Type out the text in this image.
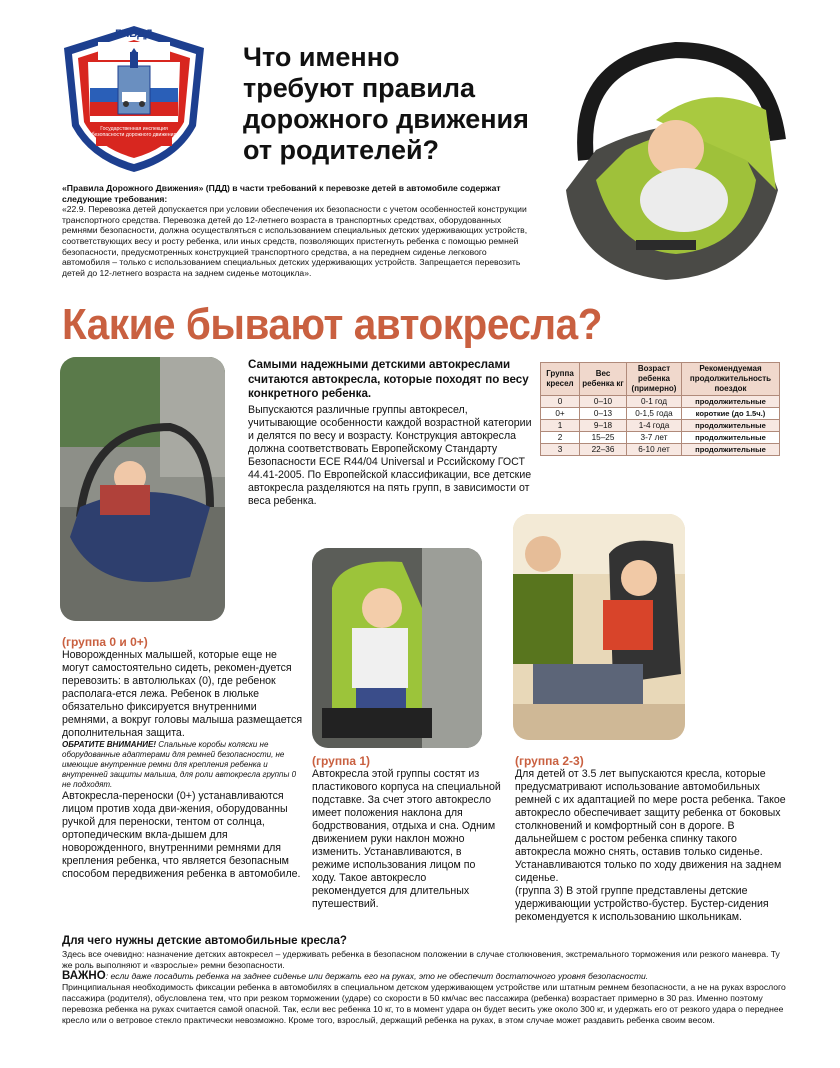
ГИБДД
Государственная инспекция безопасности дорожного движения
Что именно
требуют правила
дорожного движения
от родителей?

«Правила Дорожного Движения» (ПДД) в части требований к перевозке детей в автомобиле содержат следующие требования:

«22.9. Перевозка детей допускается при условии обеспечения их безопасности с учетом особенностей конструкции транспортного средства. Перевозка детей до 12-летнего возраста в транспортных средствах, оборудованных ремнями безопасности, должна осуществляться с использованием специальных детских удерживающих устройств, соответствующих весу и росту ребенка, или иных средств, позволяющих пристегнуть ребенка с помощью ремней безопасности, предусмотренных конструкцией транспортного средства, а на переднем сиденье легкового автомобиля – только с использованием специальных детских удерживающих устройств. Запрещается перевозить детей до 12-летнего возраста на заднем сиденье мотоцикла».

Какие бывают автокресла?

Самыми надежными детскими автокреслами считаются автокресла, которые походят по весу конкретного ребенка.

Выпускаются различные группы автокресел, учитывающие особенности каждой возрастной категории и делятся по весу и возрасту. Конструкция автокресла должна соответствовать Европейскому Стандарту Безопасности ECE R44/04 Universal и Рссийскому ГОСТ 44.41-2005. По Европейской классификации, все детские автокресла разделяются на пять групп, в зависимости от веса ребенка.

Группа кресел	Вес ребенка кг	Возраст ребенка (примерно)	Рекомендуемая продолжительность поездок
0	0–10	0-1 год	продолжительные
0+	0–13	0-1,5 года	короткие (до 1.5ч.)
1	9–18	1-4 года	продолжительные
2	15–25	3-7 лет	продолжительные
3	22–36	6-10 лет	продолжительные
(группа 0 и 0+)

Новорожденных малышей, которые еще не могут самостоятельно сидеть, рекомен-дуется перевозить: в автолюльках (0), где ребенок располага-ется лежа. Ребенок в люльке обязательно фиксируется внутренними ремнями, а вокруг головы малыша размещается дополнительная защита.

ОБРАТИТЕ ВНИМАНИЕ! Спальные коробы коляски не оборудованные адаптерами для ремней безопасности, не имеющие внутренние ремни для крепления ребенка и внутренней защиты малыша, для роли автокресла группы 0 не подходят.

Автокресла-переноски (0+) устанавливаются лицом против хода дви-жения, оборудованны ручкой для переноски, тентом от солнца, ортопедическим вкла-дышем для новорожденного, внутренними ремнями для крепления ребенка, что является безопасным способом передвижения ребенка в автомобиле.

(группа 1)

Автокресла этой группы состят из пластикового корпуса на специальной подставке. За счет этого автокресло имеет положения наклона для бодрствования, отдыха и сна. Одним движением руки наклон можно изменить. Устанавливаются, в режиме использования лицом по ходу. Такое автокресло рекомендуется для длительных путешествий.

(группа 2-3)

Для детей от 3.5 лет выпускаются кресла, которые предусматривают использование автомобильных ремней с их адаптацией по мере роста ребенка. Такое автокресло обеспечивает защиту ребенка от боковых столкновений и комфортный сон в дороге. В дальнейшем с ростом ребенка спинку такого автокресла можно снять, оставив только сиденье. Устанавливаются только по ходу движения на заднем сиденье.

(группа 3) В этой группе представлены детские удерживающии устройство-бустер. Бустер-сидения рекомендуется к использованию школьникам.

Для чего нужны детские автомобильные кресла?

Здесь все очевидно: назначение детских автокресел – удерживать ребенка в безопасном положении в случае столкновения, экстремального торможения или резкого маневра. Ту же роль выполняют и «взрослые» ремни безопасности.

ВАЖНО: если даже посадить ребенка на заднее сиденье или держать его на руках, это не обеспечит достаточного уровня безопасности.

Принципиальная необходимость фиксации ребенка в автомобилях в специальном детском удерживающем устройстве или штатным ремнем безопасности, а не на руках взрослого пассажира (родителя), обусловлена тем, что при резком торможении (ударе) со скорости в 50 км/час вес пассажира (ребенка) возрастает примерно в 30 раз. Именно поэтому перевозка ребенка на руках считается самой опасной. Так, если вес ребенка 10 кг, то в момент удара он будет весить уже около 300 кг, и удержать его от резкого удара о переднее кресло или о ветровое стекло практически невозможно. Кроме того, взрослый, держащий ребенка на руках, в этом случае может раздавить ребенка своим весом.
